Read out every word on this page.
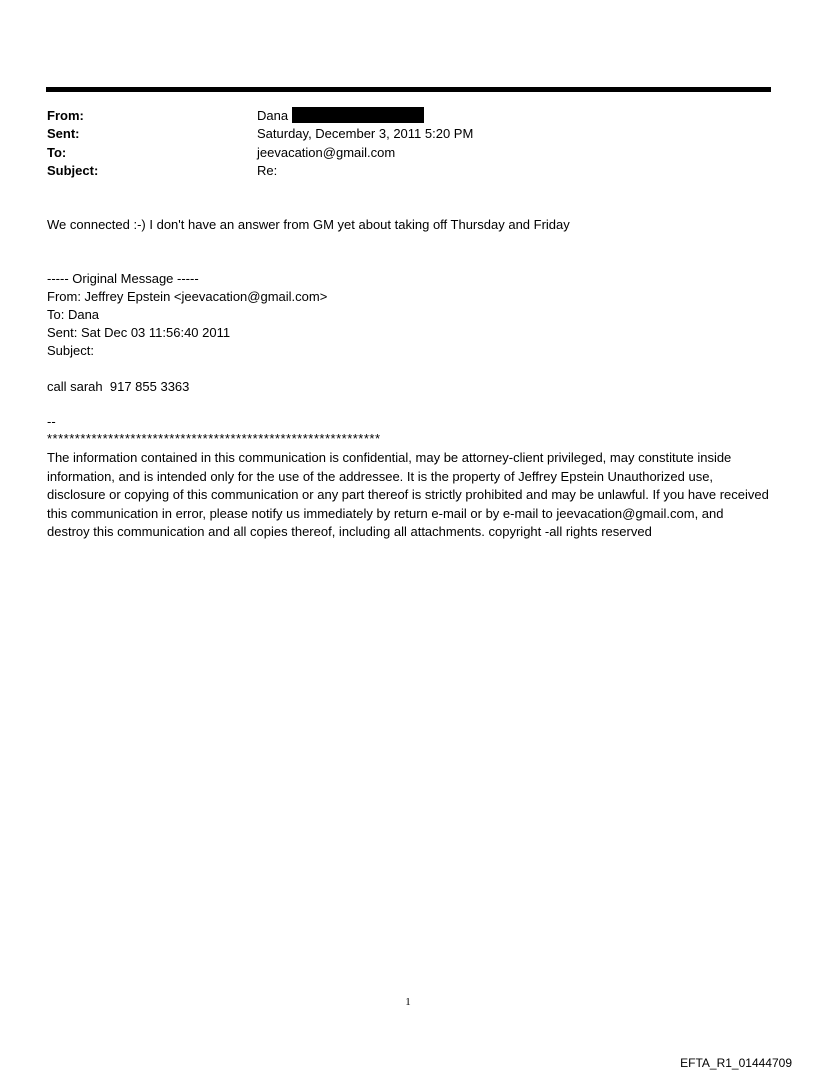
From:	Dana
Sent:	Saturday, December 3, 2011 5:20 PM
To:	jeevacation@gmail.com
Subject:	Re:
We connected :-) I don't have an answer from GM yet about taking off Thursday and Friday
----- Original Message -----
From: Jeffrey Epstein <jeevacation@gmail.com>
To: Dana
Sent: Sat Dec 03 11:56:40 2011
Subject:
call sarah  917 855 3363
--
************************************************************
The information contained in this communication is confidential, may be attorney-client privileged, may constitute inside information, and is intended only for the use of the addressee. It is the property of Jeffrey Epstein Unauthorized use, disclosure or copying of this communication or any part thereof is strictly prohibited and may be unlawful. If you have received this communication in error, please notify us immediately by return e-mail or by e-mail to jeevacation@gmail.com, and destroy this communication and all copies thereof, including all attachments. copyright -all rights reserved
1
EFTA_R1_01444709
